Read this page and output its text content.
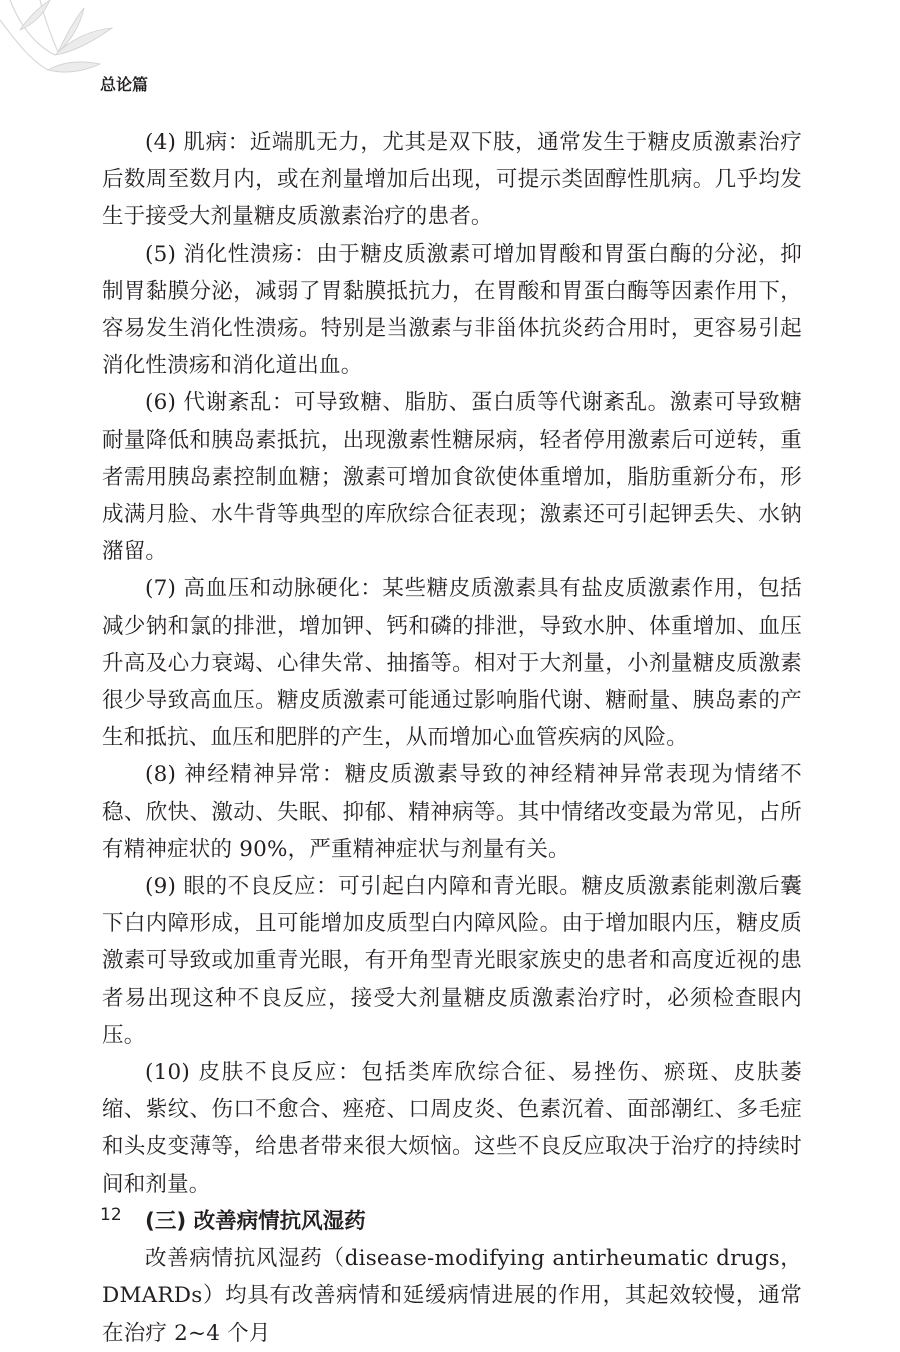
总论篇

(4) 肌病：近端肌无力，尤其是双下肢，通常发生于糖皮质激素治疗后数周至数月内，或在剂量增加后出现，可提示类固醇性肌病。几乎均发生于接受大剂量糖皮质激素治疗的患者。

(5) 消化性溃疡：由于糖皮质激素可增加胃酸和胃蛋白酶的分泌，抑制胃黏膜分泌，减弱了胃黏膜抵抗力，在胃酸和胃蛋白酶等因素作用下，容易发生消化性溃疡。特别是当激素与非甾体抗炎药合用时，更容易引起消化性溃疡和消化道出血。

(6) 代谢紊乱：可导致糖、脂肪、蛋白质等代谢紊乱。激素可导致糖耐量降低和胰岛素抵抗，出现激素性糖尿病，轻者停用激素后可逆转，重者需用胰岛素控制血糖；激素可增加食欲使体重增加，脂肪重新分布，形成满月脸、水牛背等典型的库欣综合征表现；激素还可引起钾丢失、水钠潴留。

(7) 高血压和动脉硬化：某些糖皮质激素具有盐皮质激素作用，包括减少钠和氯的排泄，增加钾、钙和磷的排泄，导致水肿、体重增加、血压升高及心力衰竭、心律失常、抽搐等。相对于大剂量，小剂量糖皮质激素很少导致高血压。糖皮质激素可能通过影响脂代谢、糖耐量、胰岛素的产生和抵抗、血压和肥胖的产生，从而增加心血管疾病的风险。

(8) 神经精神异常：糖皮质激素导致的神经精神异常表现为情绪不稳、欣快、激动、失眠、抑郁、精神病等。其中情绪改变最为常见，占所有精神症状的 90%，严重精神症状与剂量有关。

(9) 眼的不良反应：可引起白内障和青光眼。糖皮质激素能刺激后囊下白内障形成，且可能增加皮质型白内障风险。由于增加眼内压，糖皮质激素可导致或加重青光眼，有开角型青光眼家族史的患者和高度近视的患者易出现这种不良反应，接受大剂量糖皮质激素治疗时，必须检查眼内压。

(10) 皮肤不良反应：包括类库欣综合征、易挫伤、瘀斑、皮肤萎缩、紫纹、伤口不愈合、痤疮、口周皮炎、色素沉着、面部潮红、多毛症和头皮变薄等，给患者带来很大烦恼。这些不良反应取决于治疗的持续时间和剂量。

(三) 改善病情抗风湿药

改善病情抗风湿药（disease-modifying antirheumatic drugs，DMARDs）均具有改善病情和延缓病情进展的作用，其起效较慢，通常在治疗 2~4 个月

12
